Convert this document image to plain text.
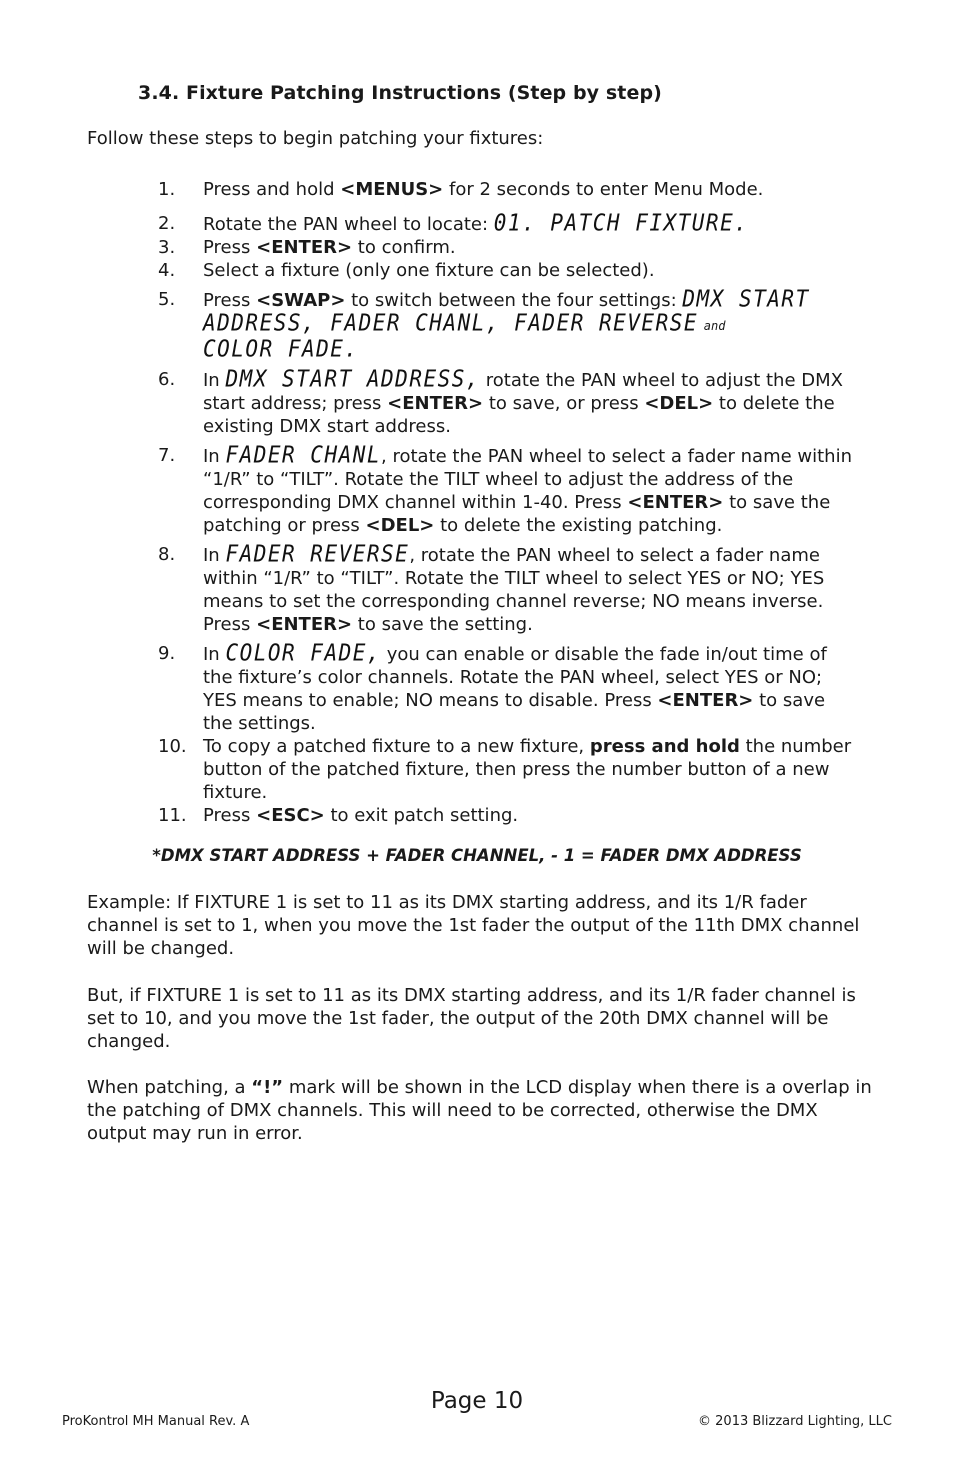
3.4. Fixture Patching Instructions (Step by step)
Follow these steps to begin patching your fixtures:
1. Press and hold <MENUS> for 2 seconds to enter Menu Mode.
2. Rotate the PAN wheel to locate: 01. PATCH FIXTURE.
3. Press <ENTER> to confirm.
4. Select a fixture (only one fixture can be selected).
5. Press <SWAP> to switch between the four settings: DMX START
ADDRESS, FADER CHANL, FADER REVERSE and COLOR FADE.
6. In DMX START ADDRESS, rotate the PAN wheel to adjust the DMX start address; press <ENTER> to save, or press <DEL> to delete the existing DMX start address.
7. In FADER CHANL, rotate the PAN wheel to select a fader name within “1/R” to “TILT”. Rotate the TILT wheel to adjust the address of the corresponding DMX channel within 1-40. Press <ENTER> to save the patching or press <DEL> to delete the existing patching.
8. In FADER REVERSE, rotate the PAN wheel to select a fader name within “1/R” to “TILT”. Rotate the TILT wheel to select YES or NO; YES means to set the corresponding channel reverse; NO means inverse. Press <ENTER> to save the setting.
9. In COLOR FADE, you can enable or disable the fade in/out time of the fixture’s color channels. Rotate the PAN wheel, select YES or NO; YES means to enable; NO means to disable. Press <ENTER> to save the settings.
10. To copy a patched fixture to a new fixture, press and hold the number button of the patched fixture, then press the number button of a new fixture.
11. Press <ESC> to exit patch setting.
*DMX START ADDRESS + FADER CHANNEL, - 1 = FADER DMX ADDRESS
Example: If FIXTURE 1 is set to 11 as its DMX starting address, and its 1/R fader channel is set to 1, when you move the 1st fader the output of the 11th DMX channel will be changed.
But, if FIXTURE 1 is set to 11 as its DMX starting address, and its 1/R fader channel is set to 10, and you move the 1st fader, the output of the 20th DMX channel will be changed.
When patching, a “!” mark will be shown in the LCD display when there is a overlap in the patching of DMX channels. This will need to be corrected, otherwise the DMX output may run in error.
Page 10
ProKontrol MH Manual Rev. A	© 2013 Blizzard Lighting, LLC
